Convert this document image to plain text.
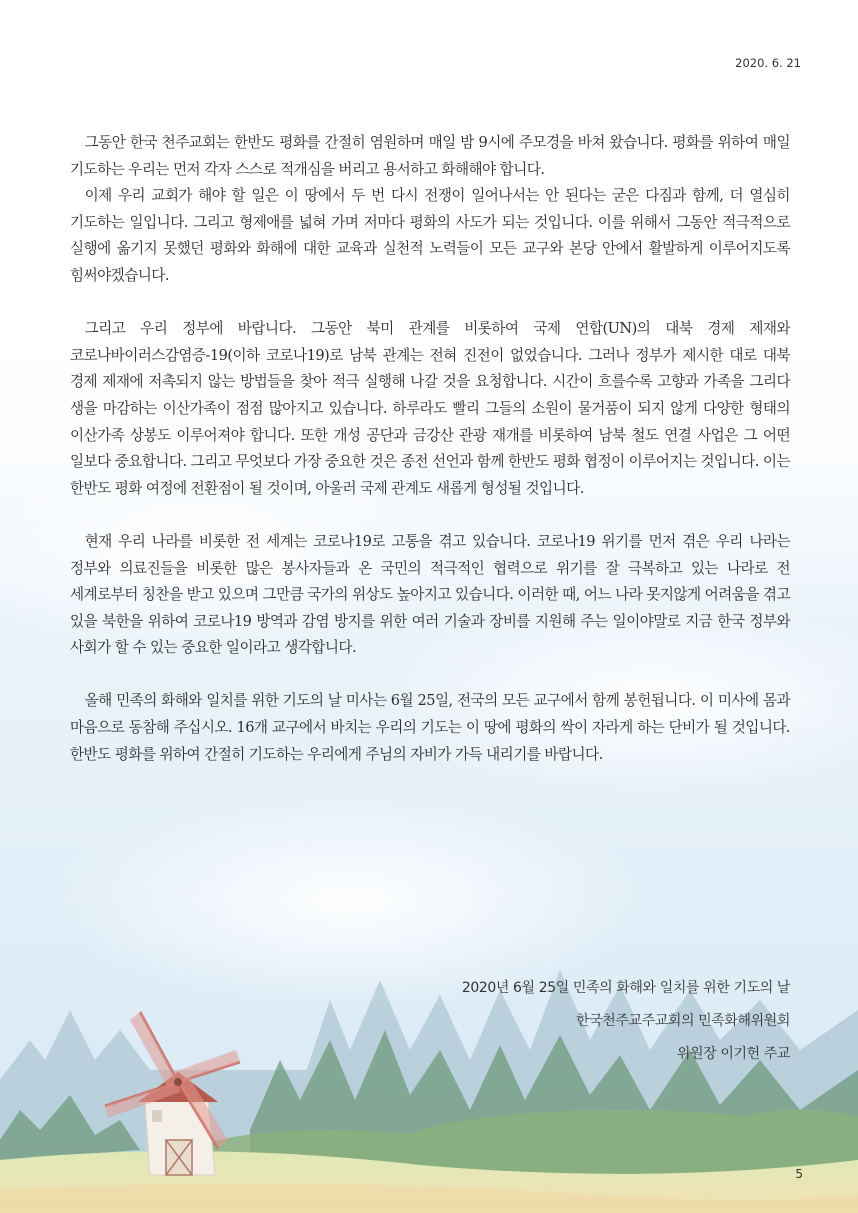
2020. 6. 21

그동안 한국 천주교회는 한반도 평화를 간절히 염원하며 매일 밤 9시에 주모경을 바쳐 왔습니다. 평화를 위하여 매일 기도하는 우리는 먼저 각자 스스로 적개심을 버리고 용서하고 화해해야 합니다.

이제 우리 교회가 해야 할 일은 이 땅에서 두 번 다시 전쟁이 일어나서는 안 된다는 굳은 다짐과 함께, 더 열심히 기도하는 일입니다. 그리고 형제애를 넓혀 가며 저마다 평화의 사도가 되는 것입니다. 이를 위해서 그동안 적극적으로 실행에 옮기지 못했던 평화와 화해에 대한 교육과 실천적 노력들이 모든 교구와 본당 안에서 활발하게 이루어지도록 힘써야겠습니다.

그리고 우리 정부에 바랍니다. 그동안 북미 관계를 비롯하여 국제 연합(UN)의 대북 경제 제재와 코로나바이러스감염증-19(이하 코로나19)로 남북 관계는 전혀 진전이 없었습니다. 그러나 정부가 제시한 대로 대북 경제 제재에 저촉되지 않는 방법들을 찾아 적극 실행해 나갈 것을 요청합니다. 시간이 흐를수록 고향과 가족을 그리다 생을 마감하는 이산가족이 점점 많아지고 있습니다. 하루라도 빨리 그들의 소원이 물거품이 되지 않게 다양한 형태의 이산가족 상봉도 이루어져야 합니다. 또한 개성 공단과 금강산 관광 재개를 비롯하여 남북 철도 연결 사업은 그 어떤 일보다 중요합니다. 그리고 무엇보다 가장 중요한 것은 종전 선언과 함께 한반도 평화 협정이 이루어지는 것입니다. 이는 한반도 평화 여정에 전환점이 될 것이며, 아울러 국제 관계도 새롭게 형성될 것입니다.

현재 우리 나라를 비롯한 전 세계는 코로나19로 고통을 겪고 있습니다. 코로나19 위기를 먼저 겪은 우리 나라는 정부와 의료진들을 비롯한 많은 봉사자들과 온 국민의 적극적인 협력으로 위기를 잘 극복하고 있는 나라로 전 세계로부터 칭찬을 받고 있으며 그만큼 국가의 위상도 높아지고 있습니다. 이러한 때, 어느 나라 못지않게 어려움을 겪고 있을 북한을 위하여 코로나19 방역과 감염 방지를 위한 여러 기술과 장비를 지원해 주는 일이야말로 지금 한국 정부와 사회가 할 수 있는 중요한 일이라고 생각합니다.

올해 민족의 화해와 일치를 위한 기도의 날 미사는 6월 25일, 전국의 모든 교구에서 함께 봉헌됩니다. 이 미사에 몸과 마음으로 동참해 주십시오. 16개 교구에서 바치는 우리의 기도는 이 땅에 평화의 싹이 자라게 하는 단비가 될 것입니다. 한반도 평화를 위하여 간절히 기도하는 우리에게 주님의 자비가 가득 내리기를 바랍니다.

2020년 6월 25일 민족의 화해와 일치를 위한 기도의 날
한국천주교주교회의 민족화해위원회
위원장 이기헌 주교
5
